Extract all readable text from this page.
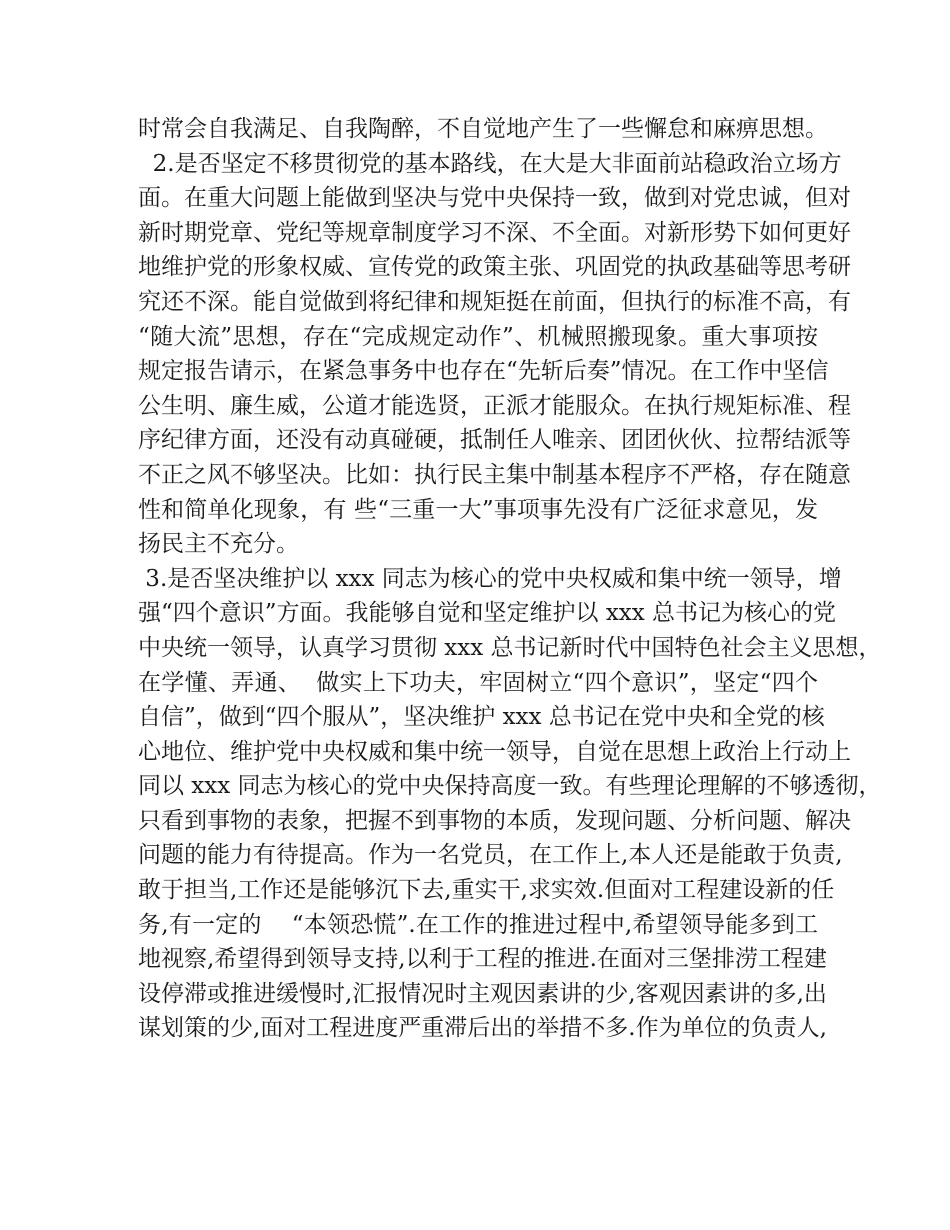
时常会自我满足、自我陶醉，不自觉地产生了一些懈怠和麻痹思想。
2.是否坚定不移贯彻党的基本路线，在大是大非面前站稳政治立场方
面。在重大问题上能做到坚决与党中央保持一致，做到对党忠诚，但对
新时期党章、党纪等规章制度学习不深、不全面。对新形势下如何更好
地维护党的形象权威、宣传党的政策主张、巩固党的执政基础等思考研
究还不深。能自觉做到将纪律和规矩挺在前面，但执行的标准不高，有
“随大流”思想，存在“完成规定动作”、机械照搬现象。重大事项按
规定报告请示，在紧急事务中也存在“先斩后奏”情况。在工作中坚信
公生明、廉生威，公道才能选贤，正派才能服众。在执行规矩标准、程
序纪律方面，还没有动真碰硬，抵制任人唯亲、团团伙伙、拉帮结派等
不正之风不够坚决。比如：执行民主集中制基本程序不严格，存在随意
性和简单化现象，有 些“三重一大”事项事先没有广泛征求意见，发
扬民主不充分。
3.是否坚决维护以 xxx 同志为核心的党中央权威和集中统一领导，增
强“四个意识”方面。我能够自觉和坚定维护以 xxx 总书记为核心的党
中央统一领导，认真学习贯彻 xxx 总书记新时代中国特色社会主义思想，
在学懂、弄通、  做实上下功夫，牢固树立“四个意识”，坚定“四个
自信”，做到“四个服从”，坚决维护 xxx 总书记在党中央和全党的核
心地位、维护党中央权威和集中统一领导，自觉在思想上政治上行动上
同以 xxx 同志为核心的党中央保持高度一致。有些理论理解的不够透彻，
只看到事物的表象，把握不到事物的本质，发现问题、分析问题、解决
问题的能力有待提高。作为一名党员，在工作上,本人还是能敢于负责,
敢于担当,工作还是能够沉下去,重实干,求实效.但面对工程建设新的任
务,有一定的    “本领恐慌”.在工作的推进过程中,希望领导能多到工
地视察,希望得到领导支持,以利于工程的推进.在面对三堡排涝工程建
设停滞或推进缓慢时,汇报情况时主观因素讲的少,客观因素讲的多,出
谋划策的少,面对工程进度严重滞后出的举措不多.作为单位的负责人,
